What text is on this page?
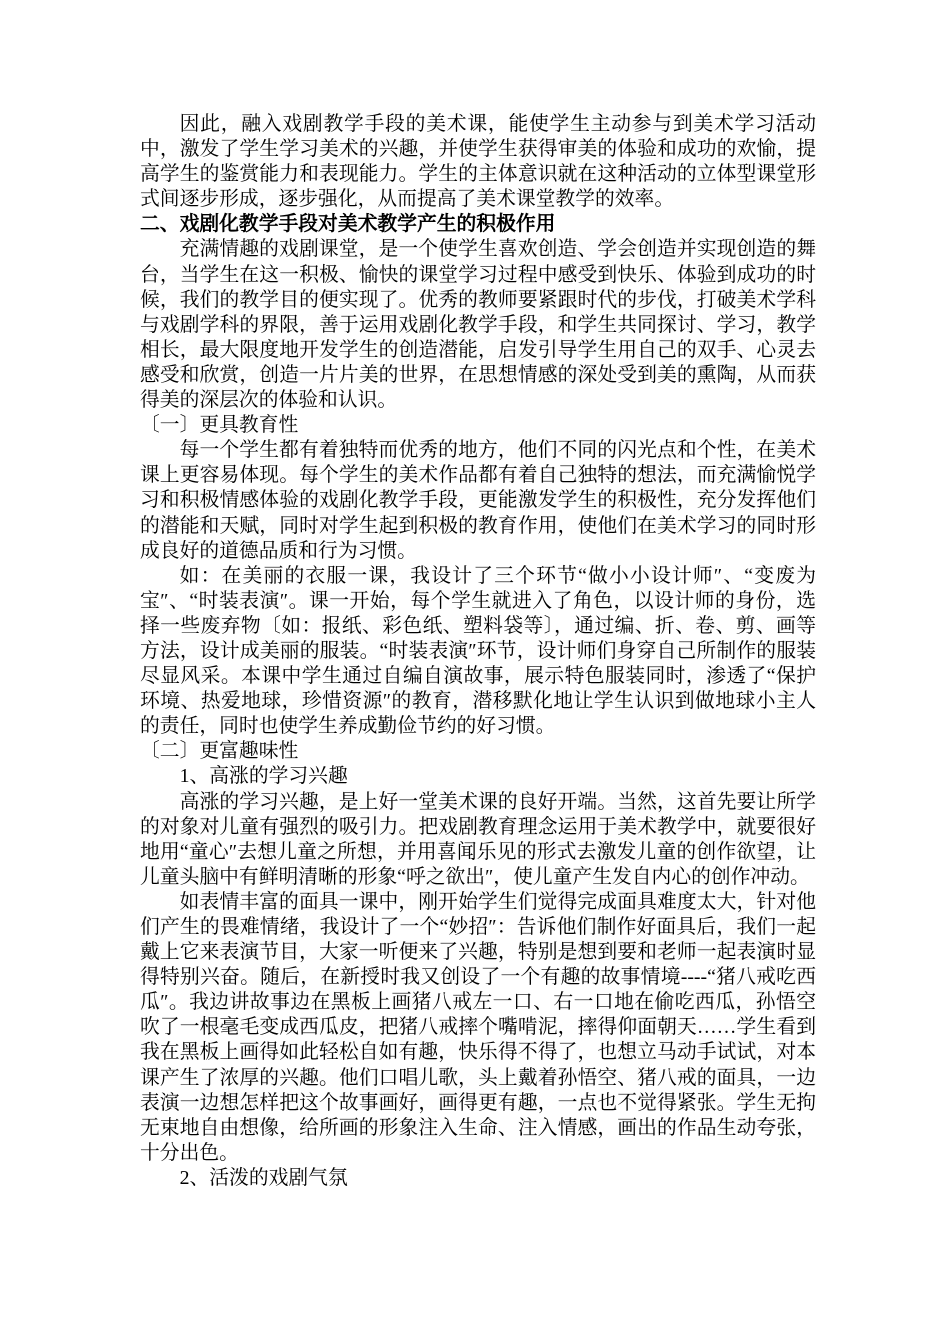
因此，融入戏剧教学手段的美术课，能使学生主动参与到美术学习活动中，激发了学生学习美术的兴趣，并使学生获得审美的体验和成功的欢愉，提高学生的鉴赏能力和表现能力。学生的主体意识就在这种活动的立体型课堂形式间逐步形成，逐步强化，从而提高了美术课堂教学的效率。

二、戏剧化教学手段对美术教学产生的积极作用

充满情趣的戏剧课堂，是一个使学生喜欢创造、学会创造并实现创造的舞台，当学生在这一积极、愉快的课堂学习过程中感受到快乐、体验到成功的时候，我们的教学目的便实现了。优秀的教师要紧跟时代的步伐，打破美术学科与戏剧学科的界限，善于运用戏剧化教学手段，和学生共同探讨、学习，教学相长，最大限度地开发学生的创造潜能，启发引导学生用自己的双手、心灵去感受和欣赏，创造一片片美的世界，在思想情感的深处受到美的熏陶，从而获得美的深层次的体验和认识。

〔一〕更具教育性

每一个学生都有着独特而优秀的地方，他们不同的闪光点和个性，在美术课上更容易体现。每个学生的美术作品都有着自己独特的想法，而充满愉悦学习和积极情感体验的戏剧化教学手段，更能激发学生的积极性，充分发挥他们的潜能和天赋，同时对学生起到积极的教育作用，使他们在美术学习的同时形成良好的道德品质和行为习惯。

如：在美丽的衣服一课，我设计了三个环节“做小小设计师″、“变废为宝″、“时装表演″。课一开始，每个学生就进入了角色，以设计师的身份，选择一些废弃物〔如：报纸、彩色纸、塑料袋等〕，通过编、折、卷、剪、画等方法，设计成美丽的服装。“时装表演″环节，设计师们身穿自己所制作的服装尽显风采。本课中学生通过自编自演故事，展示特色服装同时，渗透了“保护环境、热爱地球，珍惜资源″的教育，潜移默化地让学生认识到做地球小主人的责任，同时也使学生养成勤俭节约的好习惯。

〔二〕更富趣味性

1、高涨的学习兴趣

高涨的学习兴趣，是上好一堂美术课的良好开端。当然，这首先要让所学的对象对儿童有强烈的吸引力。把戏剧教育理念运用于美术教学中，就要很好地用“童心″去想儿童之所想，并用喜闻乐见的形式去激发儿童的创作欲望，让儿童头脑中有鲜明清晰的形象“呼之欲出″，使儿童产生发自内心的创作冲动。

如表情丰富的面具一课中，刚开始学生们觉得完成面具难度太大，针对他们产生的畏难情绪，我设计了一个“妙招″：告诉他们制作好面具后，我们一起戴上它来表演节目，大家一听便来了兴趣，特别是想到要和老师一起表演时显得特别兴奋。随后，在新授时我又创设了一个有趣的故事情境----“猪八戒吃西瓜″。我边讲故事边在黑板上画猪八戒左一口、右一口地在偷吃西瓜，孙悟空吹了一根毫毛变成西瓜皮，把猪八戒摔个嘴啃泥，摔得仰面朝天……学生看到我在黑板上画得如此轻松自如有趣，快乐得不得了，也想立马动手试试，对本课产生了浓厚的兴趣。他们口唱儿歌，头上戴着孙悟空、猪八戒的面具，一边表演一边想怎样把这个故事画好，画得更有趣，一点也不觉得紧张。学生无拘无束地自由想像，给所画的形象注入生命、注入情感，画出的作品生动夸张，十分出色。

2、活泼的戏剧气氛
